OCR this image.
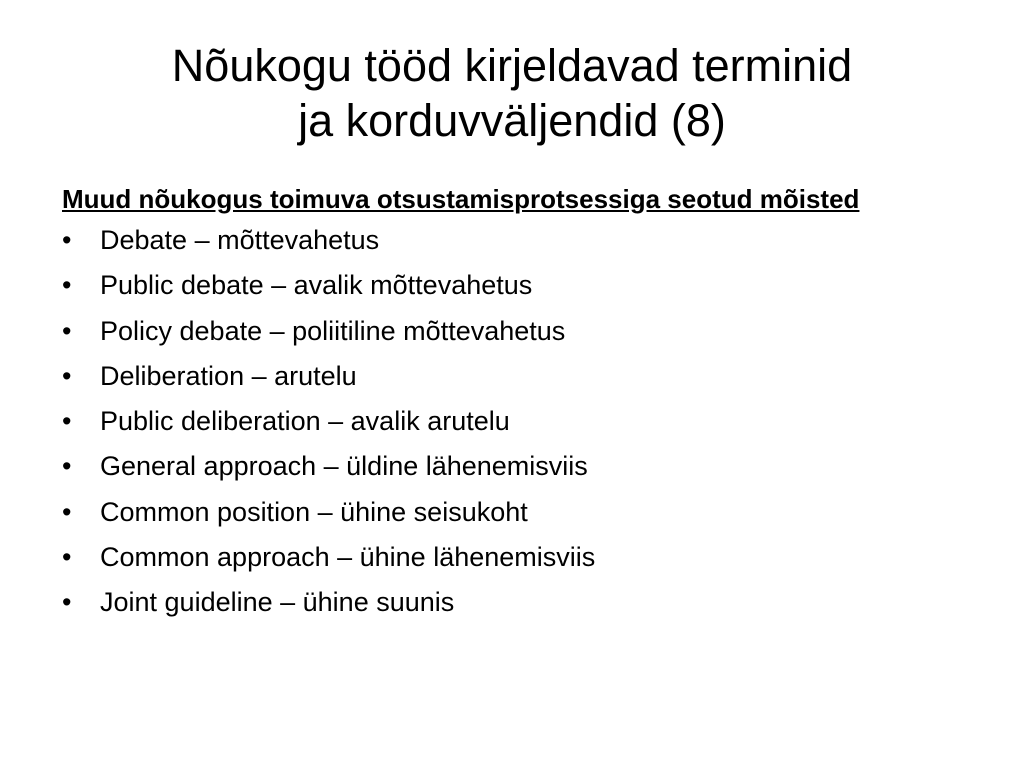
Nõukogu tööd kirjeldavad terminid
ja korduvväljendid (8)

Muud nõukogus toimuva otsustamisprotsessiga seotud mõisted

•	Debate – mõttevahetus
•	Public debate – avalik mõttevahetus
•	Policy debate – poliitiline mõttevahetus
•	Deliberation – arutelu
•	Public deliberation – avalik arutelu
•	General approach – üldine lähenemisviis
•	Common position – ühine seisukoht
•	Common approach – ühine lähenemisviis
•	Joint guideline – ühine suunis
